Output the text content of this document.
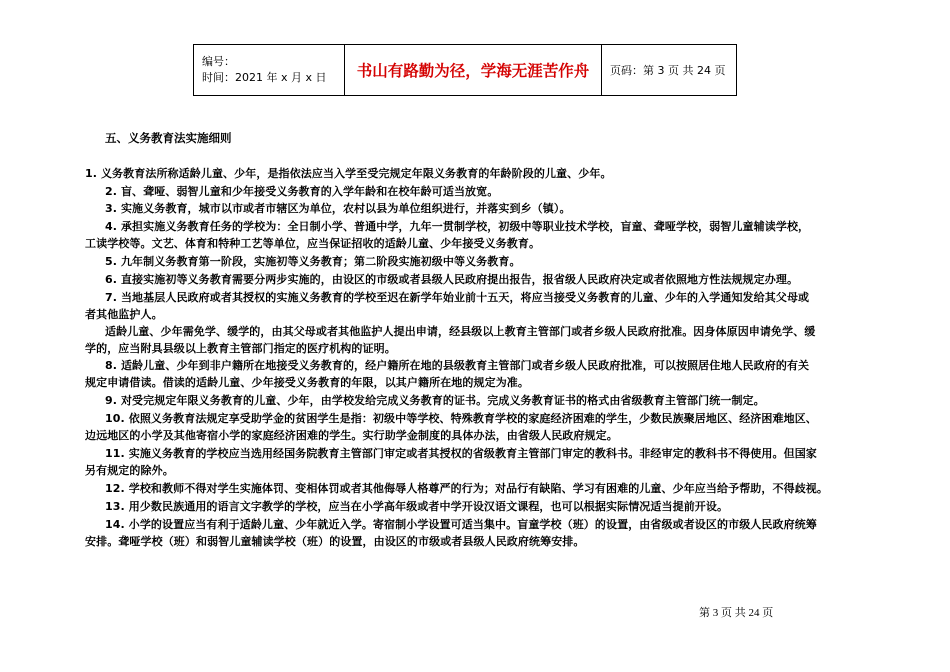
编号：
时间：2021 年 x 月 x 日	书山有路勤为径，学海无涯苦作舟	页码：第 3 页 共 24 页
五、义务教育法实施细则

1. 义务教育法所称适龄儿童、少年，是指依法应当入学至受完规定年限义务教育的年龄阶段的儿童、少年。

2. 盲、聋哑、弱智儿童和少年接受义务教育的入学年龄和在校年龄可适当放宽。

3. 实施义务教育，城市以市或者市辖区为单位，农村以县为单位组织进行，并落实到乡（镇）。

4. 承担实施义务教育任务的学校为：全日制小学、普通中学，九年一贯制学校，初级中等职业技术学校，盲童、聋哑学校，弱智儿童辅读学校，

工读学校等。文艺、体育和特种工艺等单位，应当保证招收的适龄儿童、少年接受义务教育。

5. 九年制义务教育第一阶段，实施初等义务教育；第二阶段实施初级中等义务教育。

6. 直接实施初等义务教育需要分两步实施的，由设区的市级或者县级人民政府提出报告，报省级人民政府决定或者依照地方性法规规定办理。

7. 当地基层人民政府或者其授权的实施义务教育的学校至迟在新学年始业前十五天，将应当接受义务教育的儿童、少年的入学通知发给其父母或

者其他监护人。

适龄儿童、少年需免学、缓学的，由其父母或者其他监护人提出申请，经县级以上教育主管部门或者乡级人民政府批准。因身体原因申请免学、缓

学的，应当附具县级以上教育主管部门指定的医疗机构的证明。

8. 适龄儿童、少年到非户籍所在地接受义务教育的，经户籍所在地的县级教育主管部门或者乡级人民政府批准，可以按照居住地人民政府的有关

规定申请借读。借读的适龄儿童、少年接受义务教育的年限，以其户籍所在地的规定为准。

9. 对受完规定年限义务教育的儿童、少年，由学校发给完成义务教育的证书。完成义务教育证书的格式由省级教育主管部门统一制定。

10. 依照义务教育法规定享受助学金的贫困学生是指：初级中等学校、特殊教育学校的家庭经济困难的学生，少数民族聚居地区、经济困难地区、

边远地区的小学及其他寄宿小学的家庭经济困难的学生。实行助学金制度的具体办法，由省级人民政府规定。

11. 实施义务教育的学校应当选用经国务院教育主管部门审定或者其授权的省级教育主管部门审定的教科书。非经审定的教科书不得使用。但国家

另有规定的除外。

12. 学校和教师不得对学生实施体罚、变相体罚或者其他侮辱人格尊严的行为；对品行有缺陷、学习有困难的儿童、少年应当给予帮助，不得歧视。

13. 用少数民族通用的语言文字教学的学校，应当在小学高年级或者中学开设汉语文课程，也可以根据实际情况适当提前开设。

14. 小学的设置应当有利于适龄儿童、少年就近入学。寄宿制小学设置可适当集中。盲童学校（班）的设置，由省级或者设区的市级人民政府统筹

安排。聋哑学校（班）和弱智儿童辅读学校（班）的设置，由设区的市级或者县级人民政府统筹安排。

第 3 页 共 24 页
